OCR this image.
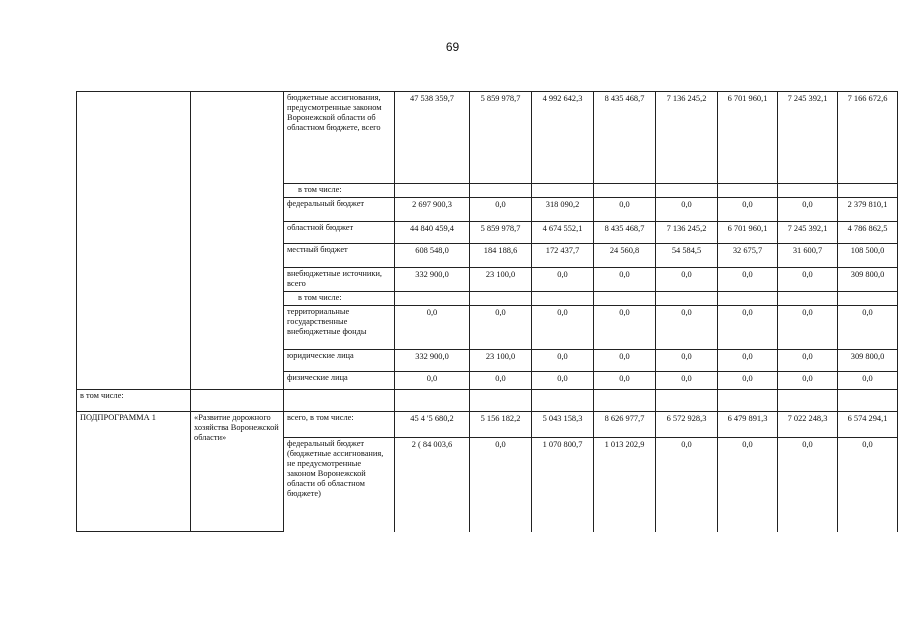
69
		бюджетные ассигнования, предусмотренные законом Воронежской области об областном бюджете, всего	47 538 359,7	5 859 978,7	4 992 642,3	8 435 468,7	7 136 245,2	6 701 960,1	7 245 392,1	7 166 672,6
		в том числе:								
		федеральный бюджет	2 697 900,3	0,0	318 090,2	0,0	0,0	0,0	0,0	2 379 810,1
		областной бюджет	44 840 459,4	5 859 978,7	4 674 552,1	8 435 468,7	7 136 245,2	6 701 960,1	7 245 392,1	4 786 862,5
		местный бюджет	608 548,0	184 188,6	172 437,7	24 560,8	54 584,5	32 675,7	31 600,7	108 500,0
		внебюджетные источники, всего	332 900,0	23 100,0	0,0	0,0	0,0	0,0	0,0	309 800,0
		в том числе:								
		территориальные государственные внебюджетные фонды	0,0	0,0	0,0	0,0	0,0	0,0	0,0	0,0
		юридические лица	332 900,0	23 100,0	0,0	0,0	0,0	0,0	0,0	309 800,0
		физические лица	0,0	0,0	0,0	0,0	0,0	0,0	0,0	0,0
в том числе:										
ПОДПРОГРАММА 1	«Развитие дорожного хозяйства Воронежской области»	всего, в том числе:	45 4 '5 680,2	5 156 182,2	5 043 158,3	8 626 977,7	6 572 928,3	6 479 891,3	7 022 248,3	6 574 294,1
		федеральный бюджет (бюджетные ассигнования, не предусмотренные законом Воронежской области об областном бюджете)	2 ( 84 003,6	0,0	1 070 800,7	1 013 202,9	0,0	0,0	0,0	0,0
